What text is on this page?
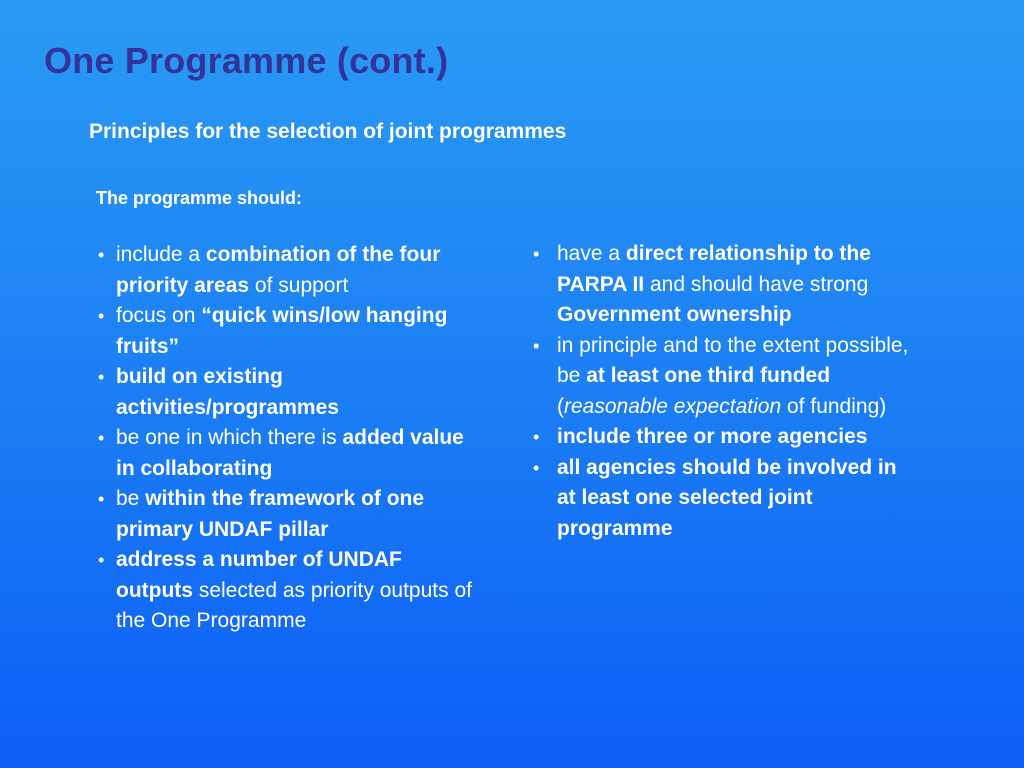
One Programme (cont.)
Principles for the selection of joint programmes

The programme should:

• include a combination of the four priority areas of support
• focus on “quick wins/low hanging fruits”
• build on existing activities/programmes
• be one in which there is added value in collaborating
• be within the framework of one primary UNDAF pillar
• address a number of UNDAF outputs selected as priority outputs of the One Programme
• have a direct relationship to the PARPA II and should have strong Government ownership
• in principle and to the extent possible, be at least one third funded (reasonable expectation of funding)
• include three or more agencies
• all agencies should be involved in at least one selected joint programme
